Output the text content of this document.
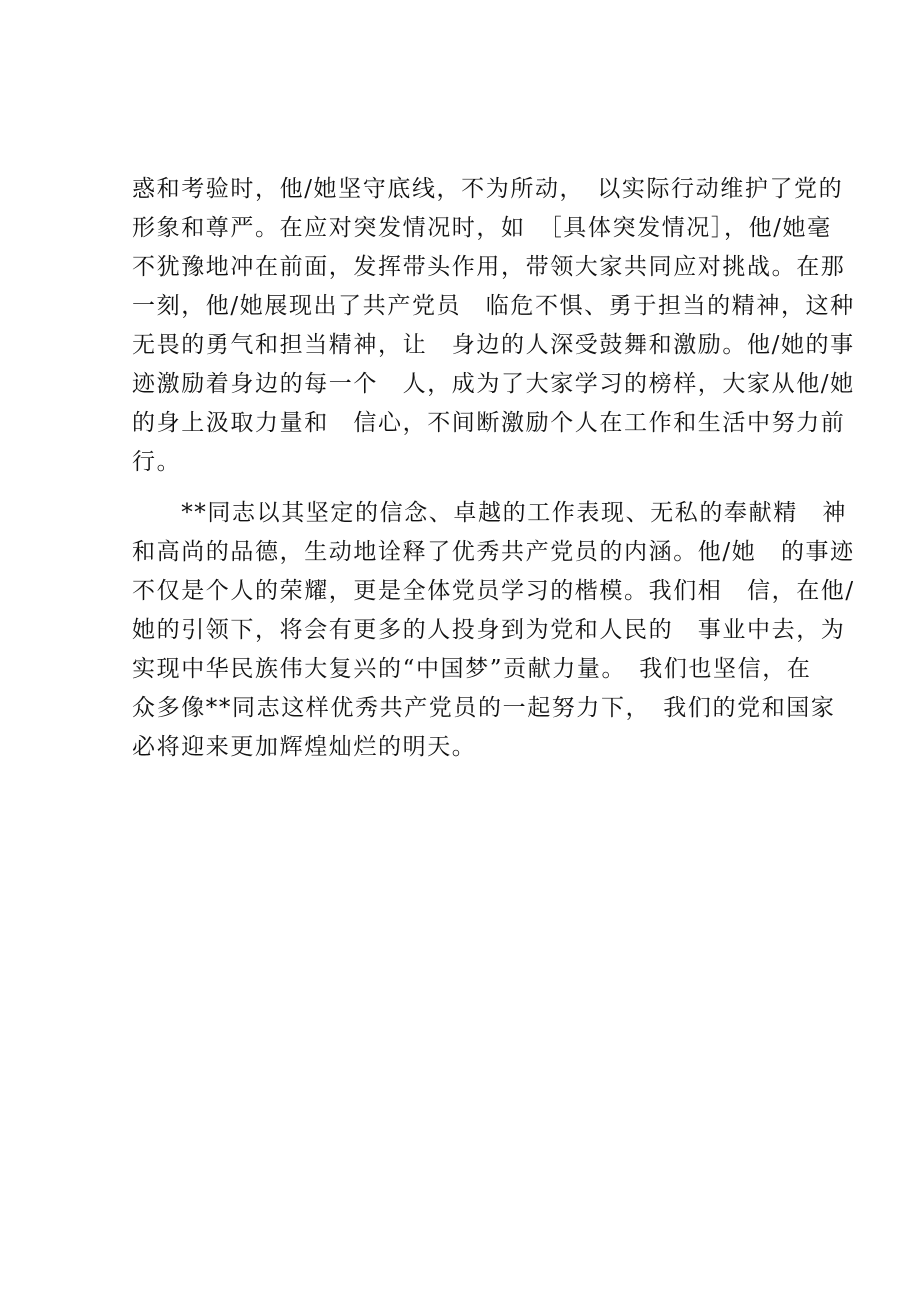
惑和考验时，他/她坚守底线，不为所动，　以实际行动维护了党的
形象和尊严。在应对突发情况时，如　［具体突发情况］，他/她毫
不犹豫地冲在前面，发挥带头作用，带领大家共同应对挑战。在那
一刻，他/她展现出了共产党员　临危不惧、勇于担当的精神，这种
无畏的勇气和担当精神，让　身边的人深受鼓舞和激励。他/她的事
迹激励着身边的每一个　人，成为了大家学习的榜样，大家从他/她
的身上汲取力量和　信心，不间断激励个人在工作和生活中努力前
行。
　　**同志以其坚定的信念、卓越的工作表现、无私的奉献精　神
和高尚的品德，生动地诠释了优秀共产党员的内涵。他/她　的事迹
不仅是个人的荣耀，更是全体党员学习的楷模。我们相　信，在他/
她的引领下，将会有更多的人投身到为党和人民的　事业中去，为
实现中华民族伟大复兴的“中国梦”贡献力量。　我们也坚信，在
众多像**同志这样优秀共产党员的一起努力下，　我们的党和国家
必将迎来更加辉煌灿烂的明天。
